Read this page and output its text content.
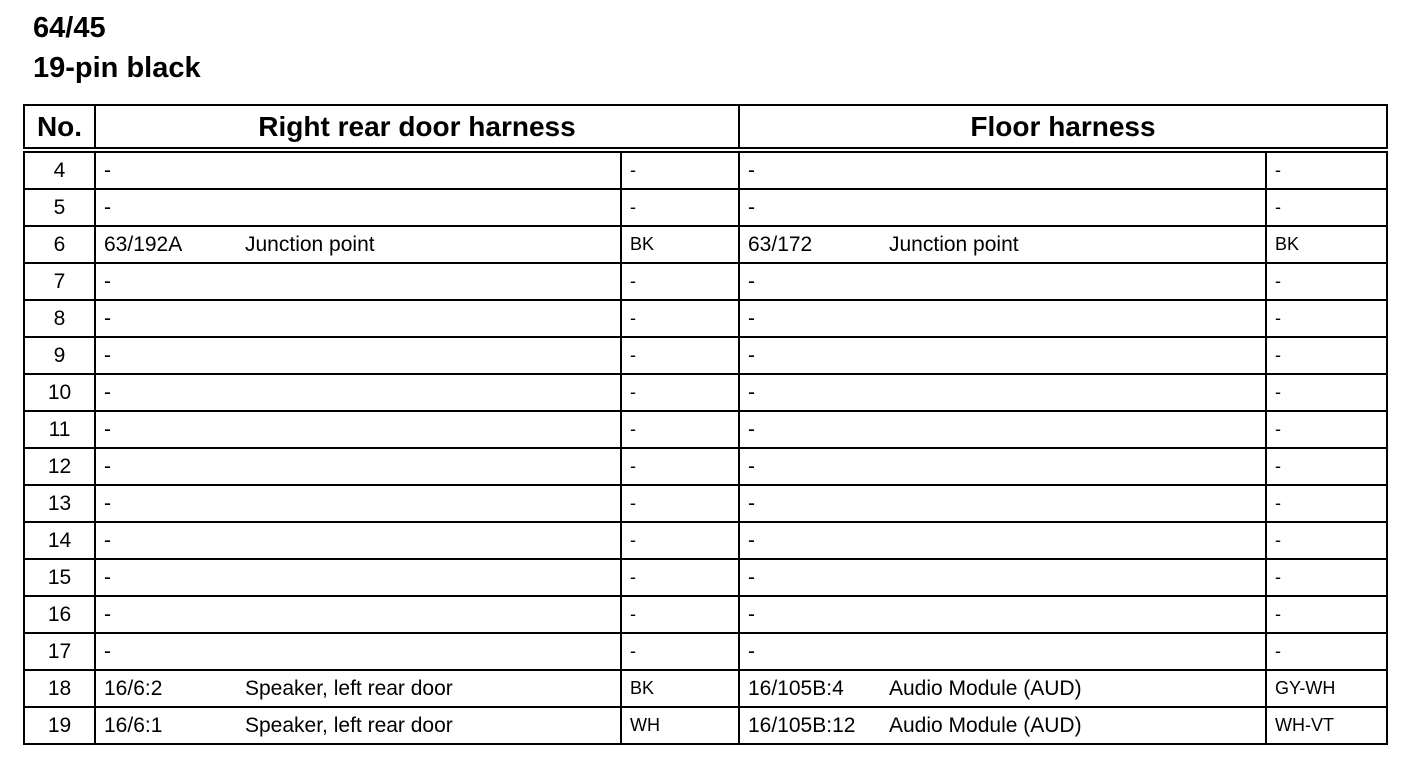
64/45
19-pin black
No.	Right rear door harness		Floor harness	
4	-	-	-	-
5	-	-	-	-
6	63/192A Junction point	BK	63/172 Junction point	BK
7	-	-	-	-
8	-	-	-	-
9	-	-	-	-
10	-	-	-	-
11	-	-	-	-
12	-	-	-	-
13	-	-	-	-
14	-	-	-	-
15	-	-	-	-
16	-	-	-	-
17	-	-	-	-
18	16/6:2 Speaker, left rear door	BK	16/105B:4 Audio Module (AUD)	GY-WH
19	16/6:1 Speaker, left rear door	WH	16/105B:12 Audio Module (AUD)	WH-VT
